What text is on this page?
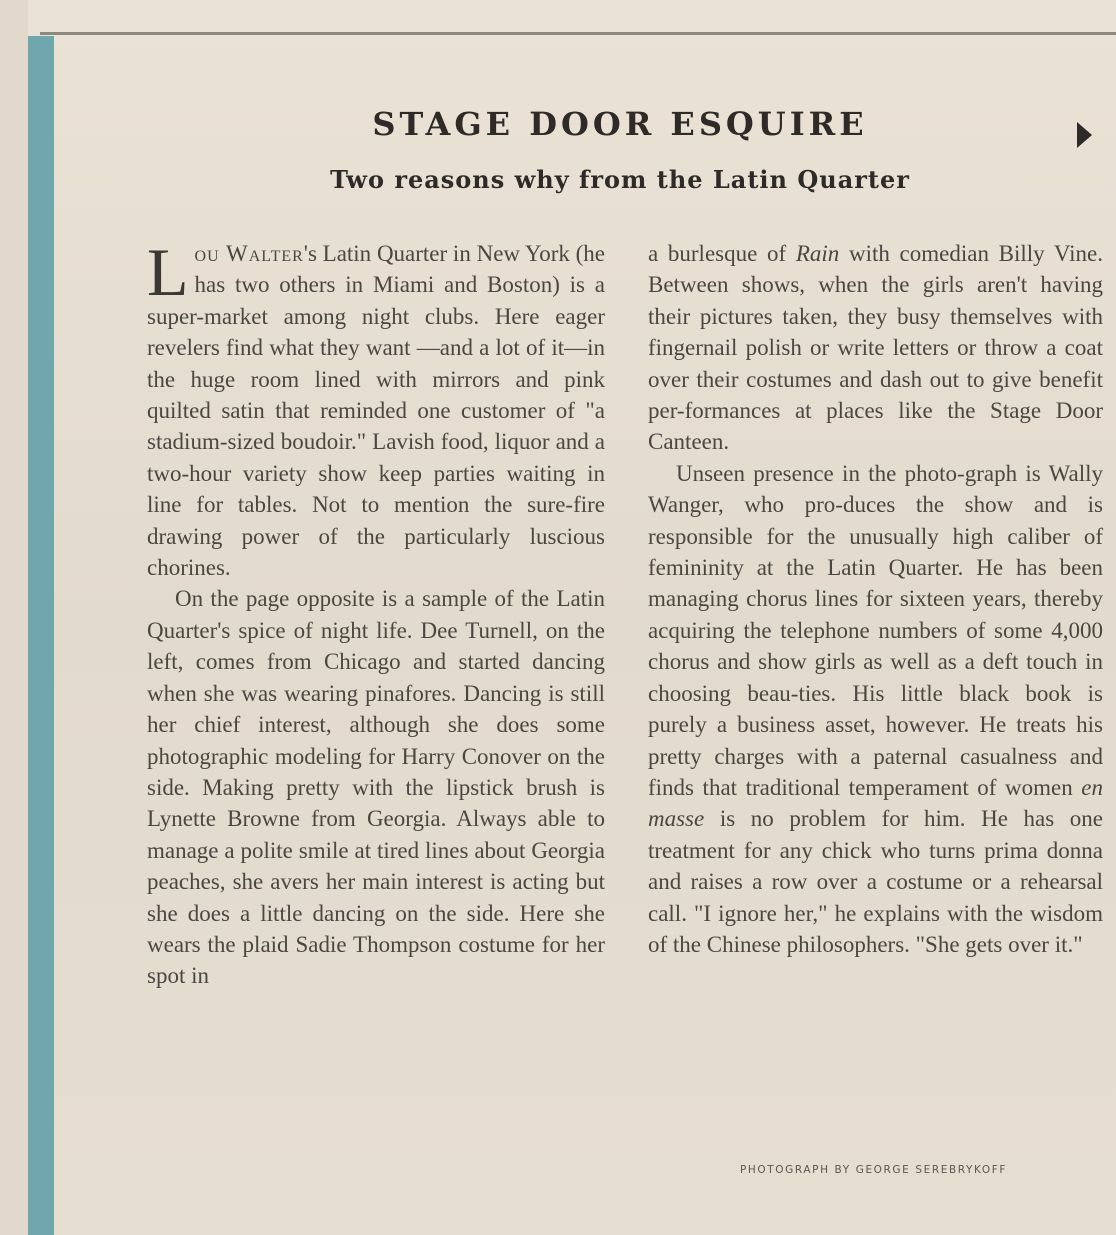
STAGE DOOR ESQUIRE
Two reasons why from the Latin Quarter

Lou Walter's Latin Quarter in New York (he has two others in Miami and Boston) is a super-market among night clubs. Here eager revelers find what they want —and a lot of it—in the huge room lined with mirrors and pink quilted satin that reminded one customer of "a stadium-sized boudoir." Lavish food, liquor and a two-hour variety show keep parties waiting in line for tables. Not to mention the sure-fire drawing power of the particularly luscious chorines.

On the page opposite is a sample of the Latin Quarter's spice of night life. Dee Turnell, on the left, comes from Chicago and started dancing when she was wearing pinafores. Dancing is still her chief interest, although she does some photographic modeling for Harry Conover on the side. Making pretty with the lipstick brush is Lynette Browne from Georgia. Always able to manage a polite smile at tired lines about Georgia peaches, she avers her main interest is acting but she does a little dancing on the side. Here she wears the plaid Sadie Thompson costume for her spot in

a burlesque of Rain with comedian Billy Vine. Between shows, when the girls aren't having their pictures taken, they busy themselves with fingernail polish or write letters or throw a coat over their costumes and dash out to give benefit per-formances at places like the Stage Door Canteen.

Unseen presence in the photo-graph is Wally Wanger, who pro-duces the show and is responsible for the unusually high caliber of femininity at the Latin Quarter. He has been managing chorus lines for sixteen years, thereby acquiring the telephone numbers of some 4,000 chorus and show girls as well as a deft touch in choosing beau-ties. His little black book is purely a business asset, however. He treats his pretty charges with a paternal casualness and finds that traditional temperament of women en masse is no problem for him. He has one treatment for any chick who turns prima donna and raises a row over a costume or a rehearsal call. "I ignore her," he explains with the wisdom of the Chinese philosophers. "She gets over it."

PHOTOGRAPH BY GEORGE SEREBRYKOFF
